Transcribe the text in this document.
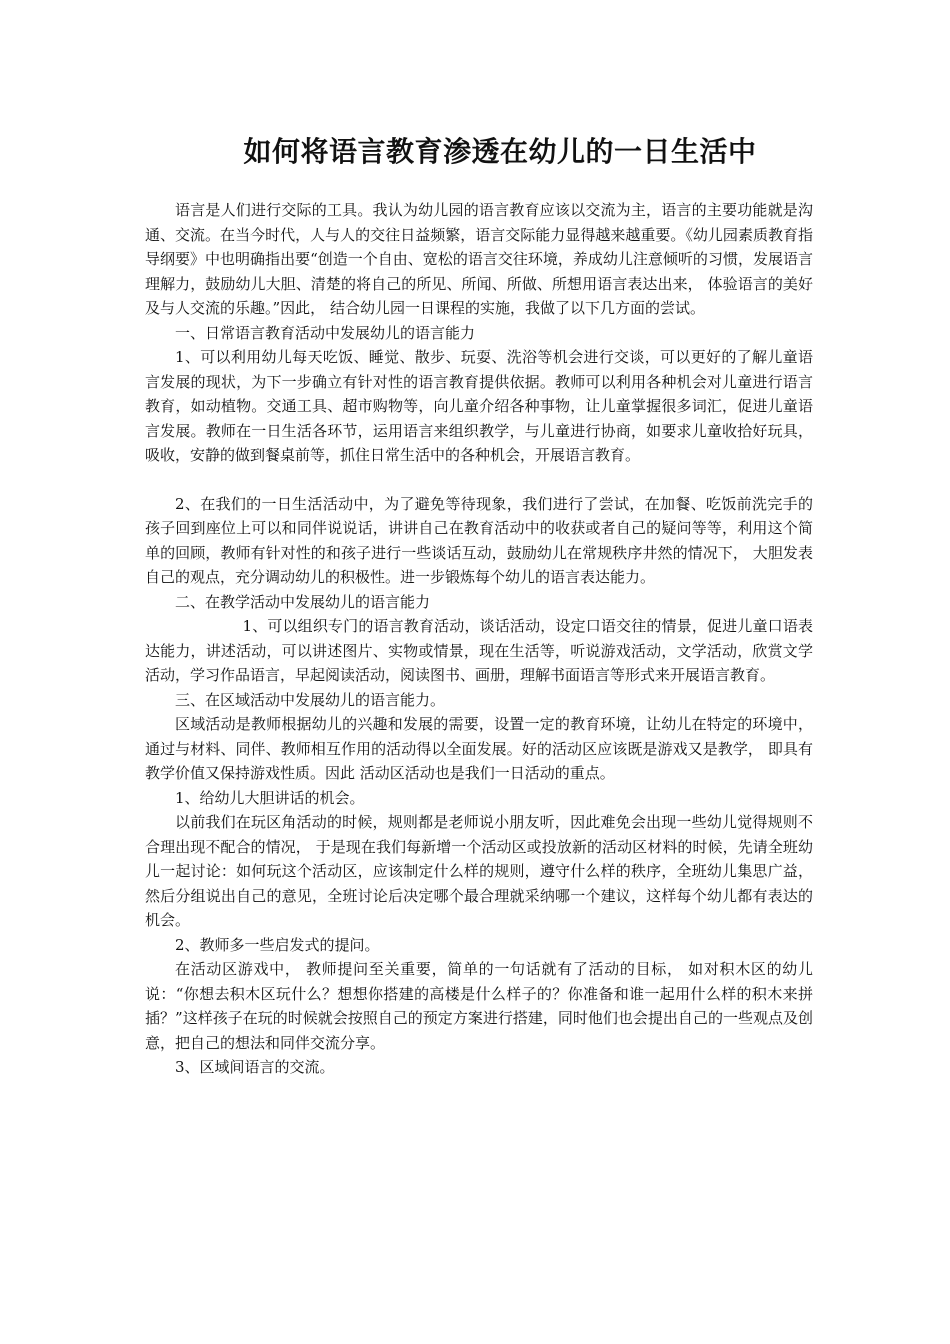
如何将语言教育渗透在幼儿的一日生活中

语言是人们进行交际的工具。我认为幼儿园的语言教育应该以交流为主，语言的主要功能就是沟通、交流。在当今时代，人与人的交往日益频繁，语言交际能力显得越来越重要。《幼儿园素质教育指导纲要》中也明确指出要“创造一个自由、宽松的语言交往环境，养成幼儿注意倾听的习惯，发展语言理解力，鼓励幼儿大胆、清楚的将自己的所见、所闻、所做、所想用语言表达出来， 体验语言的美好及与人交流的乐趣。”因此， 结合幼儿园一日课程的实施，我做了以下几方面的尝试。

一、日常语言教育活动中发展幼儿的语言能力

1、可以利用幼儿每天吃饭、睡觉、散步、玩耍、洗浴等机会进行交谈，可以更好的了解儿童语言发展的现状，为下一步确立有针对性的语言教育提供依据。教师可以利用各种机会对儿童进行语言教育，如动植物。交通工具、超市购物等，向儿童介绍各种事物，让儿童掌握很多词汇，促进儿童语言发展。教师在一日生活各环节，运用语言来组织教学，与儿童进行协商，如要求儿童收拾好玩具，吸收，安静的做到餐桌前等，抓住日常生活中的各种机会，开展语言教育。

2、在我们的一日生活活动中，为了避免等待现象，我们进行了尝试，在加餐、吃饭前洗完手的孩子回到座位上可以和同伴说说话，讲讲自己在教育活动中的收获或者自己的疑问等等，利用这个简单的回顾，教师有针对性的和孩子进行一些谈话互动，鼓励幼儿在常规秩序井然的情况下， 大胆发表自己的观点，充分调动幼儿的积极性。进一步锻炼每个幼儿的语言表达能力。

二、在教学活动中发展幼儿的语言能力

1、可以组织专门的语言教育活动，谈话活动，设定口语交往的情景，促进儿童口语表达能力，讲述活动，可以讲述图片、实物或情景，现在生活等，听说游戏活动，文学活动，欣赏文学活动，学习作品语言，早起阅读活动，阅读图书、画册，理解书面语言等形式来开展语言教育。

三、在区域活动中发展幼儿的语言能力。

区域活动是教师根据幼儿的兴趣和发展的需要，设置一定的教育环境，让幼儿在特定的环境中， 通过与材料、同伴、教师相互作用的活动得以全面发展。好的活动区应该既是游戏又是教学， 即具有教学价值又保持游戏性质。因此 活动区活动也是我们一日活动的重点。

1、给幼儿大胆讲话的机会。

以前我们在玩区角活动的时候，规则都是老师说小朋友听，因此难免会出现一些幼儿觉得规则不合理出现不配合的情况， 于是现在我们每新增一个活动区或投放新的活动区材料的时候，先请全班幼儿一起讨论：如何玩这个活动区，应该制定什么样的规则，遵守什么样的秩序，全班幼儿集思广益，然后分组说出自己的意见，全班讨论后决定哪个最合理就采纳哪一个建议，这样每个幼儿都有表达的机会。

2、教师多一些启发式的提问。

在活动区游戏中， 教师提问至关重要，简单的一句话就有了活动的目标， 如对积木区的幼儿说：“你想去积木区玩什么？想想你搭建的高楼是什么样子的？你准备和谁一起用什么样的积木来拼插？”这样孩子在玩的时候就会按照自己的预定方案进行搭建，同时他们也会提出自己的一些观点及创意，把自己的想法和同伴交流分享。

3、区域间语言的交流。
